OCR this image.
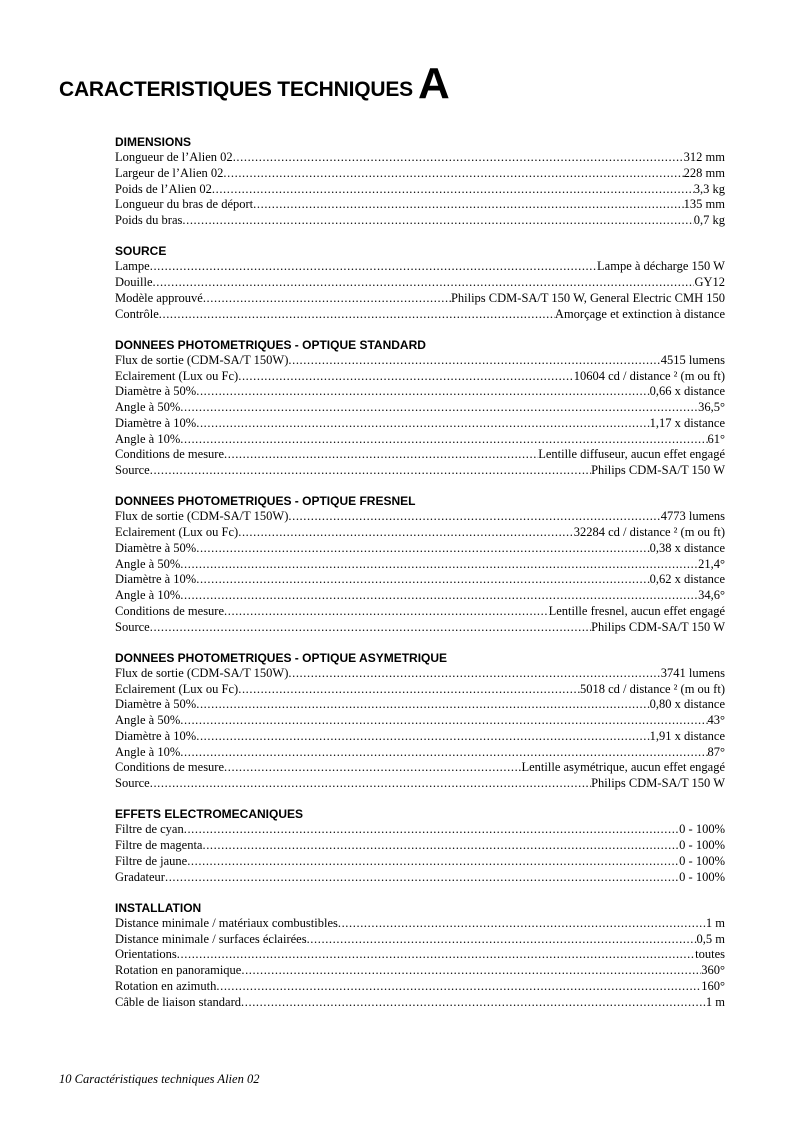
CARACTERISTIQUES TECHNIQUES A
DIMENSIONS
Longueur de l’Alien 02 .....	312 mm
Largeur de l’Alien 02 .....	228 mm
Poids de l’Alien 02 .....	3,3 kg
Longueur du bras de déport .....	135 mm
Poids du bras .....	0,7 kg
SOURCE
Lampe .....	Lampe à décharge 150 W
Douille .....	GY12
Modèle approuvé .....	Philips CDM-SA/T 150 W, General Electric CMH 150
Contrôle .....	Amorçage et extinction à distance
DONNEES PHOTOMETRIQUES - OPTIQUE STANDARD
Flux de sortie (CDM-SA/T 150W) .....	4515 lumens
Eclairement (Lux ou Fc) .....	10604 cd / distance ² (m ou ft)
Diamètre à 50% .....	0,66 x distance
Angle à 50% .....	36,5°
Diamètre à 10% .....	1,17 x distance
Angle à 10% .....	61°
Conditions de mesure .....	Lentille diffuseur, aucun effet engagé
Source .....	Philips CDM-SA/T 150 W
DONNEES PHOTOMETRIQUES - OPTIQUE FRESNEL
Flux de sortie (CDM-SA/T 150W) .....	4773 lumens
Eclairement (Lux ou Fc) .....	32284 cd / distance ² (m ou ft)
Diamètre à 50% .....	0,38 x distance
Angle à 50% .....	21,4°
Diamètre à 10% .....	0,62 x distance
Angle à 10% .....	34,6°
Conditions de mesure .....	Lentille fresnel, aucun effet engagé
Source .....	Philips CDM-SA/T 150 W
DONNEES PHOTOMETRIQUES - OPTIQUE ASYMETRIQUE
Flux de sortie (CDM-SA/T 150W) .....	3741 lumens
Eclairement (Lux ou Fc) .....	5018 cd / distance ² (m ou ft)
Diamètre à 50% .....	0,80 x distance
Angle à 50% .....	43°
Diamètre à 10% .....	1,91 x distance
Angle à 10% .....	87°
Conditions de mesure .....	Lentille asymétrique, aucun effet engagé
Source .....	Philips CDM-SA/T 150 W
EFFETS ELECTROMECANIQUES
Filtre de cyan .....	0 - 100%
Filtre de magenta .....	0 - 100%
Filtre de jaune .....	0 - 100%
Gradateur .....	0 - 100%
INSTALLATION
Distance minimale / matériaux combustibles .....	1 m
Distance minimale / surfaces éclairées .....	0,5 m
Orientations .....	toutes
Rotation en panoramique .....	360°
Rotation en azimuth .....	160°
Câble de liaison standard .....	1 m
10 Caractéristiques techniques Alien 02
